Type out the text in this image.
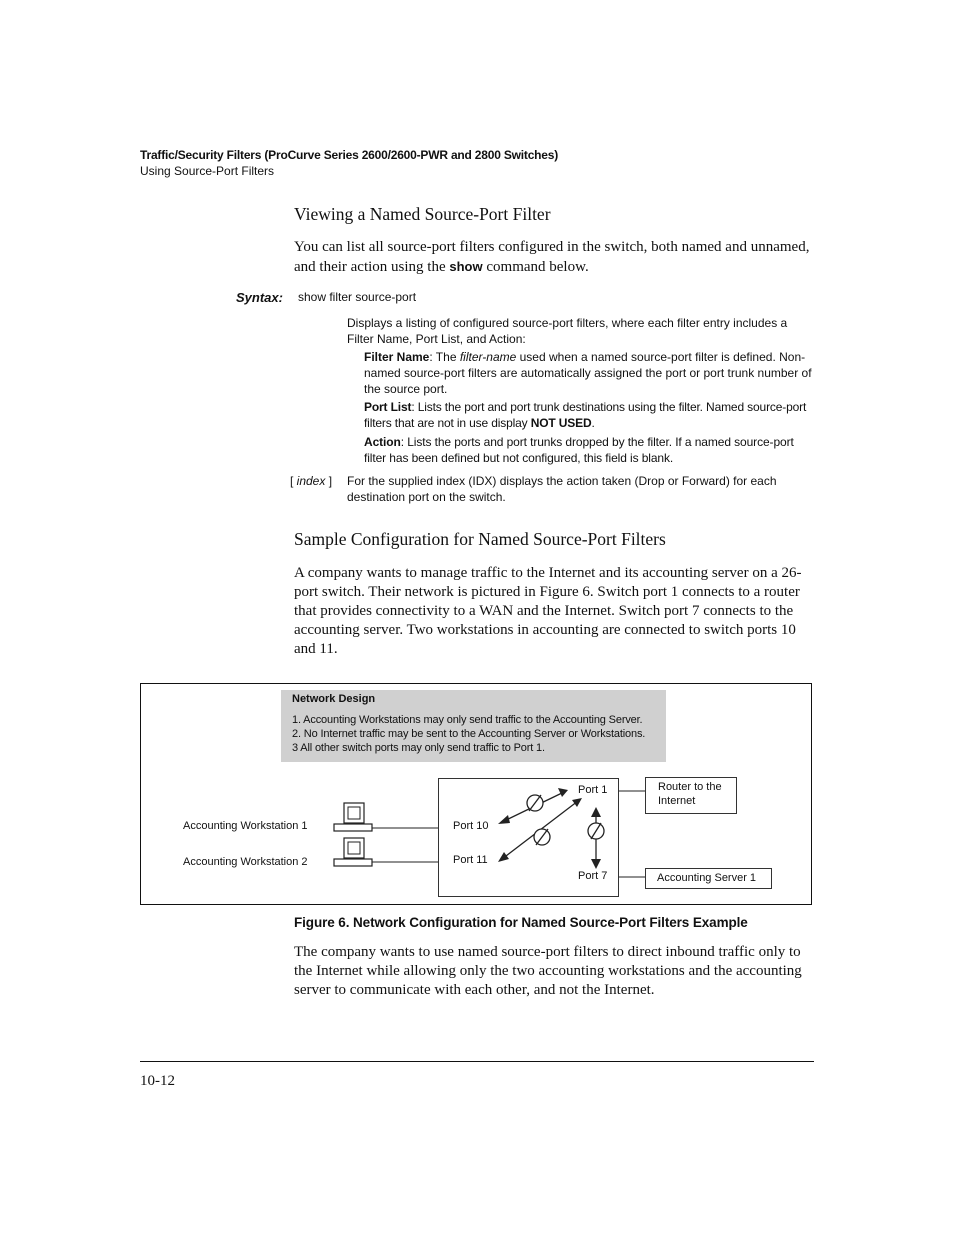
Traffic/Security Filters (ProCurve Series 2600/2600-PWR and 2800 Switches)
Using Source-Port Filters
Viewing a Named Source-Port Filter
You can list all source-port filters configured in the switch, both named and unnamed, and their action using the show command below.
Syntax: show filter source-port
Displays a listing of configured source-port filters, where each filter entry includes a Filter Name, Port List, and Action:
Filter Name: The filter-name used when a named source-port filter is defined. Non-named source-port filters are automatically assigned the port or port trunk number of the source port.
Port List: Lists the port and port trunk destinations using the filter. Named source-port filters that are not in use display NOT USED.
Action: Lists the ports and port trunks dropped by the filter. If a named source-port filter has been defined but not configured, this field is blank.
[ index ] For the supplied index (IDX) displays the action taken (Drop or Forward) for each destination port on the switch.
Sample Configuration for Named Source-Port Filters
A company wants to manage traffic to the Internet and its accounting server on a 26-port switch. Their network is pictured in Figure 6. Switch port 1 connects to a router that provides connectivity to a WAN and the Internet. Switch port 7 connects to the accounting server. Two workstations in accounting are connected to switch ports 10 and 11.
Network Design
1. Accounting Workstations may only send traffic to the Accounting Server.
2. No Internet traffic may be sent to the Accounting Server or Workstations.
3 All other switch ports may only send traffic to Port 1.
Accounting Workstation 1
Accounting Workstation 2
Port 1
Port 10
Port 11
Port 7
Router to the
Internet
Accounting Server 1
Figure 6. Network Configuration for Named Source-Port Filters Example
The company wants to use named source-port filters to direct inbound traffic only to the Internet while allowing only the two accounting workstations and the accounting server to communicate with each other, and not the Internet.
10-12
